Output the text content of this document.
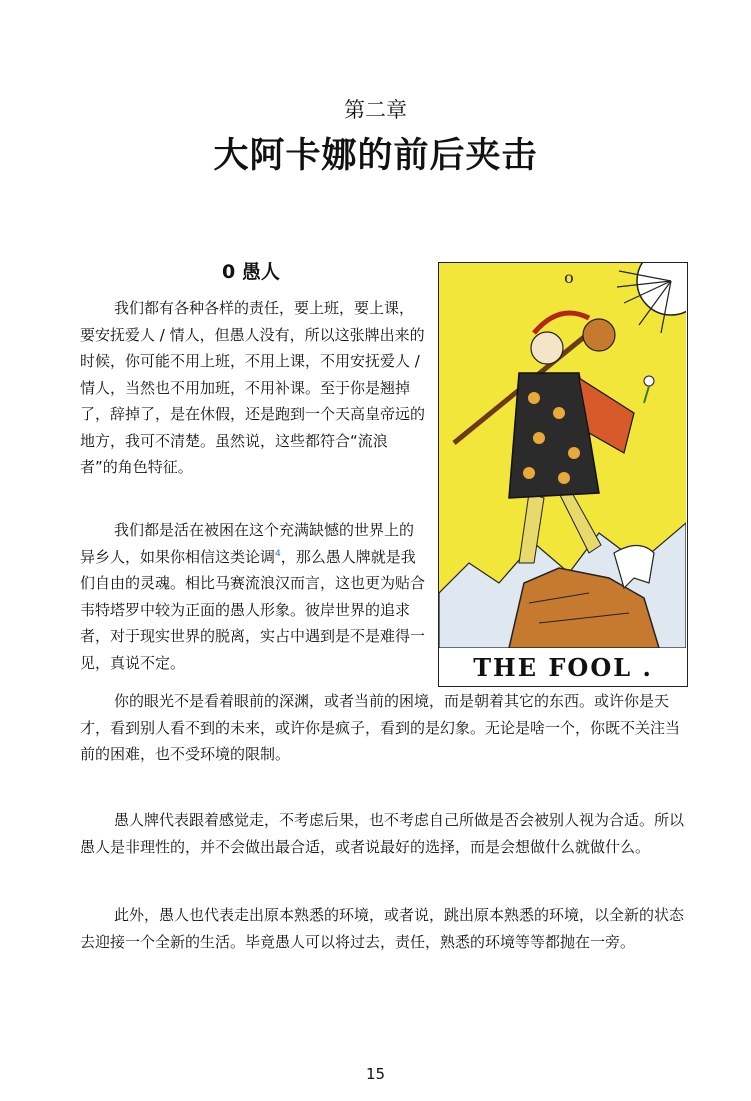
第二章
大阿卡娜的前后夹击
0 愚人

我们都有各种各样的责任，要上班，要上课，要安抚爱人 / 情人，但愚人没有，所以这张牌出来的时候，你可能不用上班，不用上课，不用安抚爱人 / 情人，当然也不用加班，不用补课。至于你是翘掉了，辞掉了，是在休假，还是跑到一个天高皇帝远的地方，我可不清楚。虽然说，这些都符合“流浪者”的角色特征。

我们都是活在被困在这个充满缺憾的世界上的异乡人，如果你相信这类论调$^4$，那么愚人牌就是我们自由的灵魂。相比马赛流浪汉而言，这也更为贴合韦特塔罗中较为正面的愚人形象。彼岸世界的追求者，对于现实世界的脱离，实占中遇到是不是难得一见，真说不定。

o
THE FOOL .

你的眼光不是看着眼前的深渊，或者当前的困境，而是朝着其它的东西。或许你是天才，看到别人看不到的未来，或许你是疯子，看到的是幻象。无论是啥一个，你既不关注当前的困难，也不受环境的限制。

愚人牌代表跟着感觉走，不考虑后果，也不考虑自己所做是否会被别人视为合适。所以愚人是非理性的，并不会做出最合适，或者说最好的选择，而是会想做什么就做什么。

此外，愚人也代表走出原本熟悉的环境，或者说，跳出原本熟悉的环境，以全新的状态去迎接一个全新的生活。毕竟愚人可以将过去，责任，熟悉的环境等等都抛在一旁。

15
